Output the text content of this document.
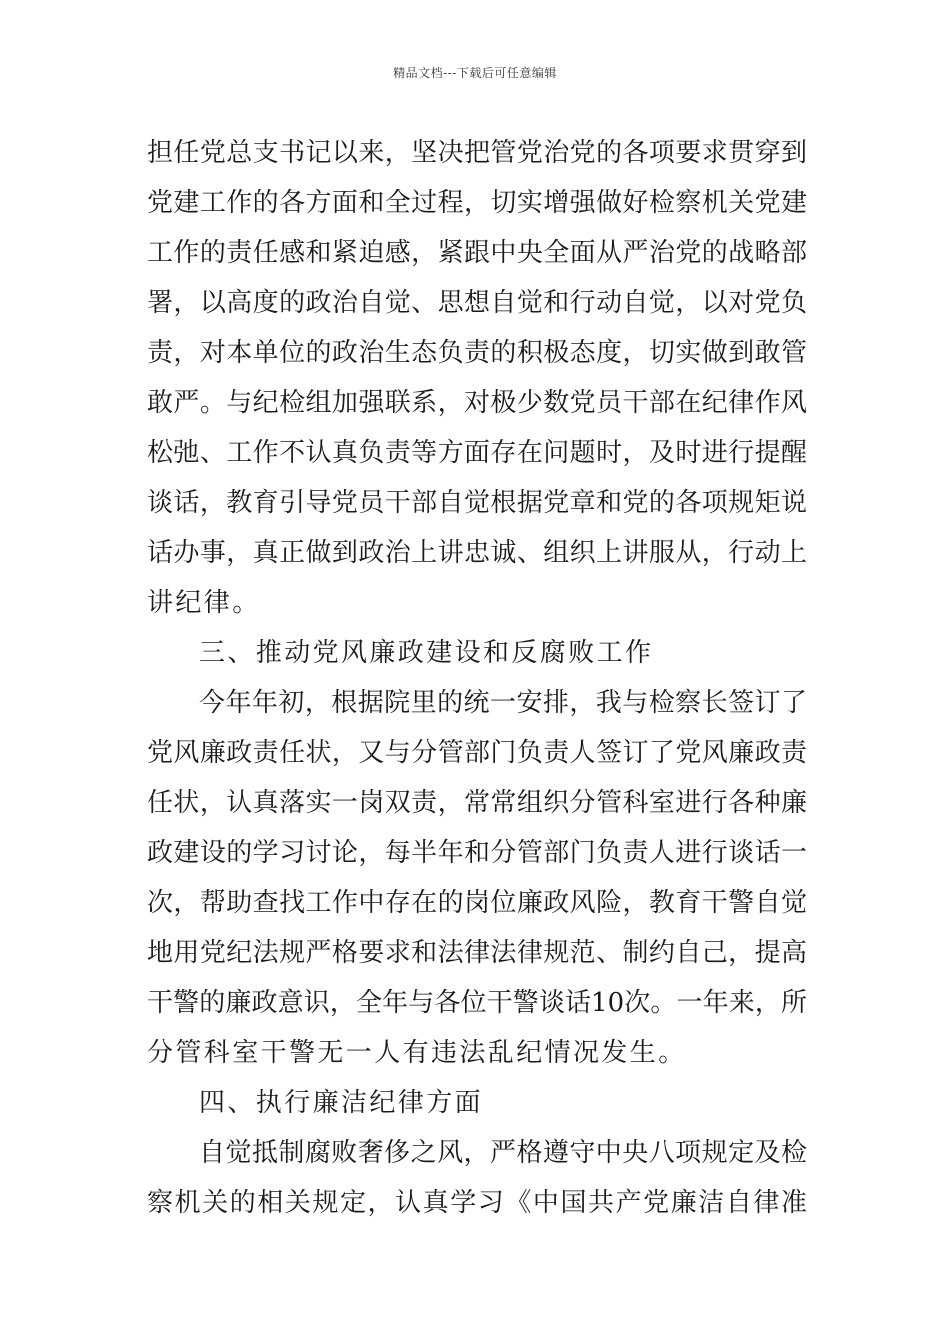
精品文档---下载后可任意编辑
担任党总支书记以来，坚决把管党治党的各项要求贯穿到
党建工作的各方面和全过程，切实增强做好检察机关党建
工作的责任感和紧迫感，紧跟中央全面从严治党的战略部
署，以高度的政治自觉、思想自觉和行动自觉，以对党负
责，对本单位的政治生态负责的积极态度，切实做到敢管
敢严。与纪检组加强联系，对极少数党员干部在纪律作风
松弛、工作不认真负责等方面存在问题时，及时进行提醒
谈话，教育引导党员干部自觉根据党章和党的各项规矩说
话办事，真正做到政治上讲忠诚、组织上讲服从，行动上
讲纪律。
三、推动党风廉政建设和反腐败工作
今年年初，根据院里的统一安排，我与检察长签订了
党风廉政责任状，又与分管部门负责人签订了党风廉政责
任状，认真落实一岗双责，常常组织分管科室进行各种廉
政建设的学习讨论，每半年和分管部门负责人进行谈话一
次，帮助查找工作中存在的岗位廉政风险，教育干警自觉
地用党纪法规严格要求和法律法律规范、制约自己，提高
干警的廉政意识，全年与各位干警谈话10次。一年来，所
分管科室干警无一人有违法乱纪情况发生。
四、执行廉洁纪律方面
自觉抵制腐败奢侈之风，严格遵守中央八项规定及检
察机关的相关规定，认真学习《中国共产党廉洁自律准
